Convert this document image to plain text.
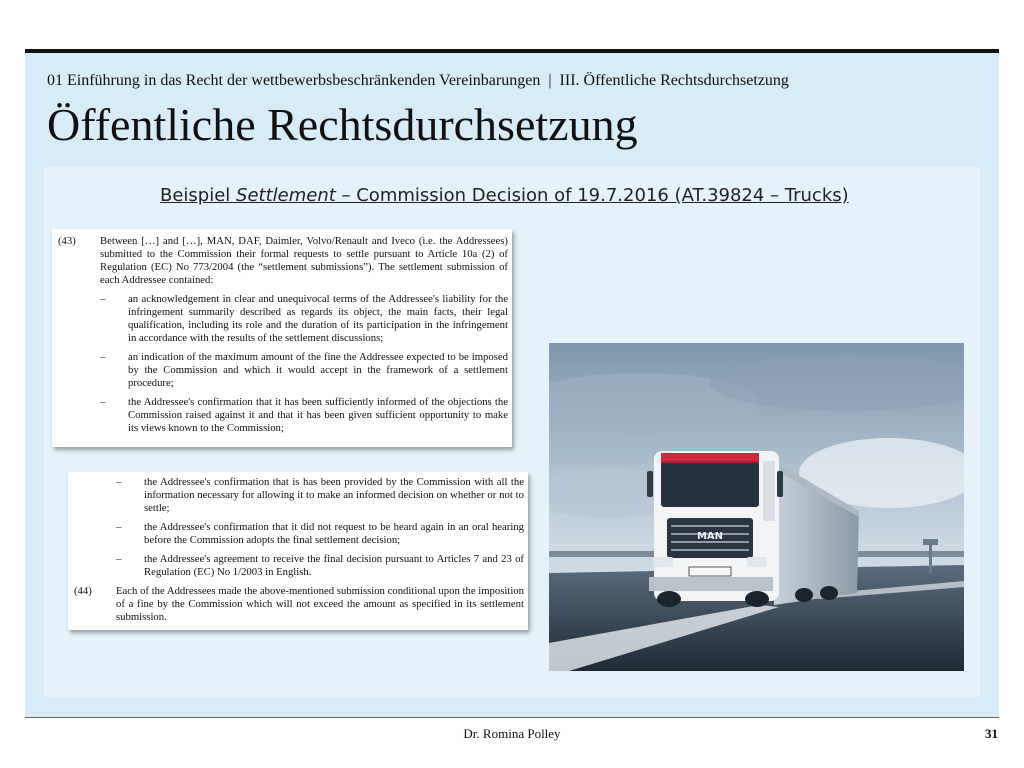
01 Einführung in das Recht der wettbewerbsbeschränkenden Vereinbarungen | III. Öffentliche Rechtsdurchsetzung
Öffentliche Rechtsdurchsetzung
Beispiel Settlement – Commission Decision of 19.7.2016 (AT.39824 – Trucks)
(43)	Between […] and […], MAN, DAF, Daimler, Volvo/Renault and Iveco (i.e. the Addressees) submitted to the Commission their formal requests to settle pursuant to Article 10a (2) of Regulation (EC) No 773/2004 (the “settlement submissions”). The settlement submission of each Addressee contained:
–	an acknowledgement in clear and unequivocal terms of the Addressee's liability for the infringement summarily described as regards its object, the main facts, their legal qualification, including its role and the duration of its participation in the infringement in accordance with the results of the settlement discussions;
–	an indication of the maximum amount of the fine the Addressee expected to be imposed by the Commission and which it would accept in the framework of a settlement procedure;
–	the Addressee's confirmation that it has been sufficiently informed of the objections the Commission raised against it and that it has been given sufficient opportunity to make its views known to the Commission;
–	the Addressee's confirmation that is has been provided by the Commission with all the information necessary for allowing it to make an informed decision on whether or not to settle;
–	the Addressee's confirmation that it did not request to be heard again in an oral hearing before the Commission adopts the final settlement decision;
–	the Addressee's agreement to receive the final decision pursuant to Articles 7 and 23 of Regulation (EC) No 1/2003 in English.
(44)	Each of the Addressees made the above-mentioned submission conditional upon the imposition of a fine by the Commission which will not exceed the amount as specified in its settlement submission.
MAN
Dr. Romina Polley	31
